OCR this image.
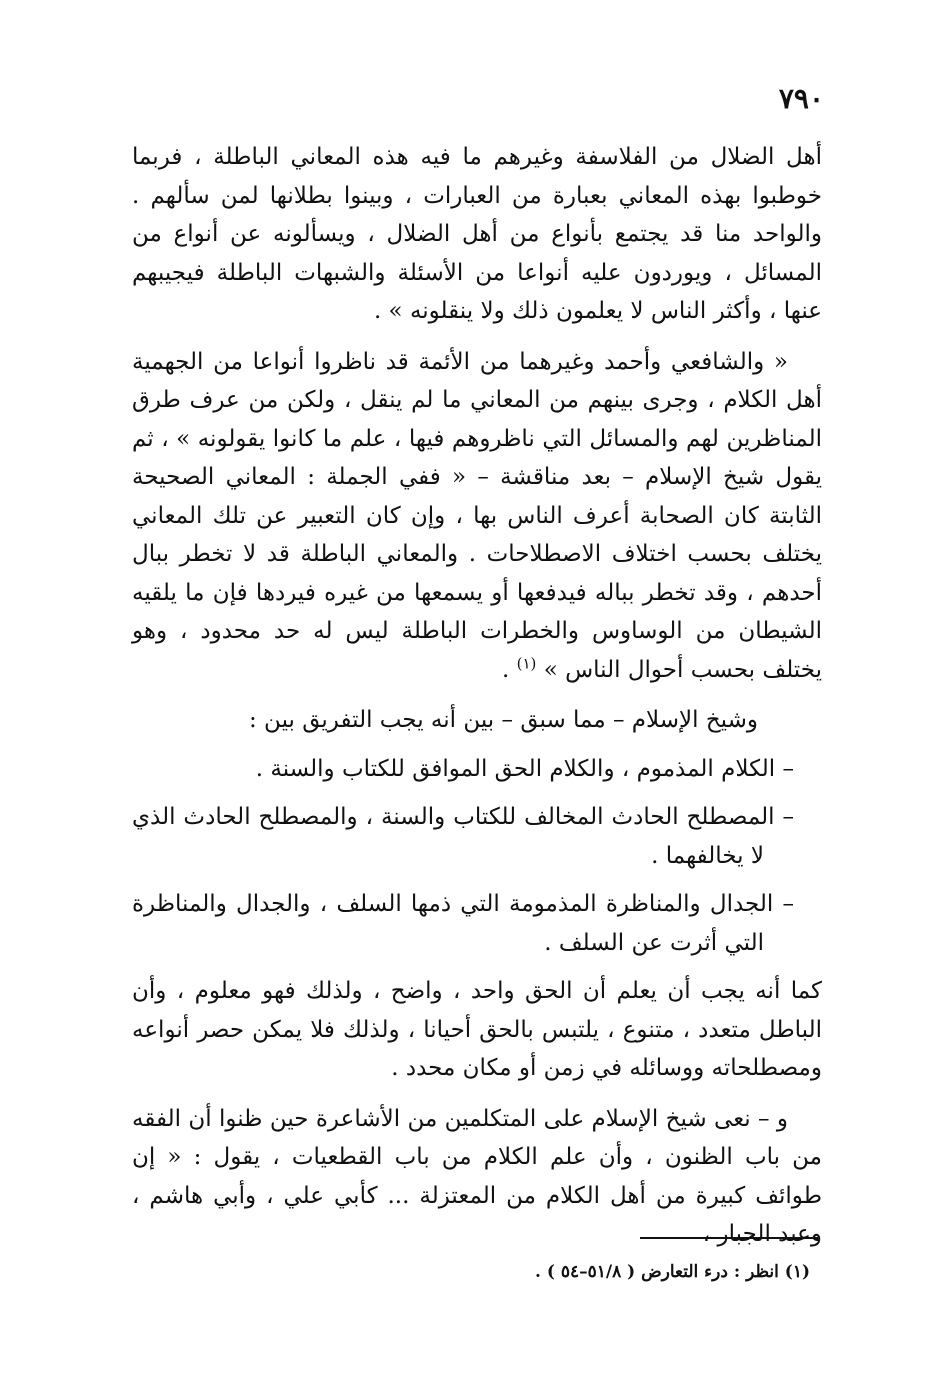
٧٩٠

أهل الضلال من الفلاسفة وغيرهم ما فيه هذه المعاني الباطلة ، فربما خوطبوا بهذه المعاني بعبارة من العبارات ، وبينوا بطلانها لمن سألهم . والواحد منا قد يجتمع بأنواع من أهل الضلال ، ويسألونه عن أنواع من المسائل ، ويوردون عليه أنواعا من الأسئلة والشبهات الباطلة فيجيبهم عنها ، وأكثر الناس لا يعلمون ذلك ولا ينقلونه » .

« والشافعي وأحمد وغيرهما من الأئمة قد ناظروا أنواعا من الجهمية أهل الكلام ، وجرى بينهم من المعاني ما لم ينقل ، ولكن من عرف طرق المناظرين لهم والمسائل التي ناظروهم فيها ، علم ما كانوا يقولونه » ، ثم يقول شيخ الإسلام – بعد مناقشة – « ففي الجملة : المعاني الصحيحة الثابتة كان الصحابة أعرف الناس بها ، وإن كان التعبير عن تلك المعاني يختلف بحسب اختلاف الاصطلاحات . والمعاني الباطلة قد لا تخطر ببال أحدهم ، وقد تخطر بباله فيدفعها أو يسمعها من غيره فيردها فإن ما يلقيه الشيطان من الوساوس والخطرات الباطلة ليس له حد محدود ، وهو يختلف بحسب أحوال الناس » $^{(١)}$ .

وشيخ الإسلام – مما سبق – بين أنه يجب التفريق بين :

– الكلام المذموم ، والكلام الحق الموافق للكتاب والسنة .

– المصطلح الحادث المخالف للكتاب والسنة ، والمصطلح الحادث الذي لا يخالفهما .

– الجدال والمناظرة المذمومة التي ذمها السلف ، والجدال والمناظرة التي أثرت عن السلف .

كما أنه يجب أن يعلم أن الحق واحد ، واضح ، ولذلك فهو معلوم ، وأن الباطل متعدد ، متنوع ، يلتبس بالحق أحيانا ، ولذلك فلا يمكن حصر أنواعه ومصطلحاته ووسائله في زمن أو مكان محدد .

و – نعى شيخ الإسلام على المتكلمين من الأشاعرة حين ظنوا أن الفقه من باب الظنون ، وأن علم الكلام من باب القطعيات ، يقول : « إن طوائف كبيرة من أهل الكلام من المعتزلة ... كأبي علي ، وأبي هاشم ، وعبد الجبار ،

(١) انظر : درء التعارض ( ٥١/٨–٥٤ ) .
